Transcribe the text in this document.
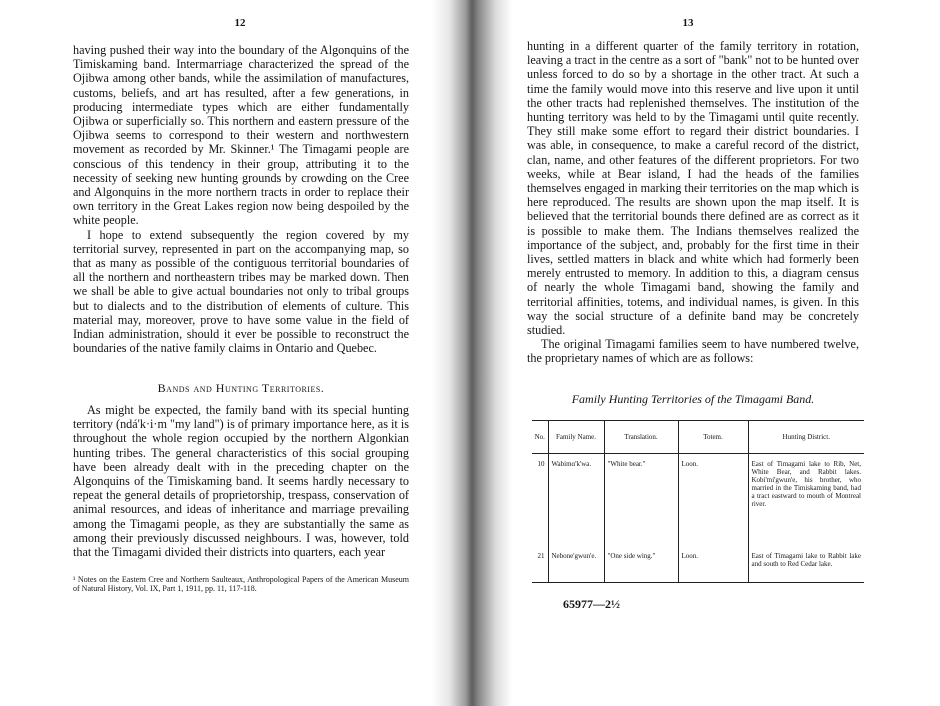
12

having pushed their way into the boundary of the Algonquins of the Timiskaming band. Intermarriage characterized the spread of the Ojibwa among other bands, while the assimilation of manufactures, customs, beliefs, and art has resulted, after a few generations, in producing intermediate types which are either fundamentally Ojibwa or superficially so. This northern and eastern pressure of the Ojibwa seems to correspond to their western and northwestern movement as recorded by Mr. Skinner.¹ The Timagami people are conscious of this tendency in their group, attributing it to the necessity of seeking new hunting grounds by crowding on the Cree and Algonquins in the more northern tracts in order to replace their own territory in the Great Lakes region now being despoiled by the white people.

I hope to extend subsequently the region covered by my territorial survey, represented in part on the accompanying map, so that as many as possible of the contiguous territorial boundaries of all the northern and northeastern tribes may be marked down. Then we shall be able to give actual boundaries not only to tribal groups but to dialects and to the distribution of elements of culture. This material may, moreover, prove to have some value in the field of Indian administration, should it ever be possible to reconstruct the boundaries of the native family claims in Ontario and Quebec.

Bands and Hunting Territories.

As might be expected, the family band with its special hunting territory (ndá'k·i·m "my land") is of primary importance here, as it is throughout the whole region occupied by the northern Algonkian hunting tribes. The general characteristics of this social grouping have been already dealt with in the preceding chapter on the Algonquins of the Timiskaming band. It seems hardly necessary to repeat the general details of proprietorship, trespass, conservation of animal resources, and ideas of inheritance and marriage prevailing among the Timagami people, as they are substantially the same as among their previously discussed neighbours. I was, however, told that the Timagami divided their districts into quarters, each year

¹ Notes on the Eastern Cree and Northern Saulteaux, Anthropological Papers of the American Museum of Natural History, Vol. IX, Part 1, 1911, pp. 11, 117-118.
13

hunting in a different quarter of the family territory in rotation, leaving a tract in the centre as a sort of "bank" not to be hunted over unless forced to do so by a shortage in the other tract. At such a time the family would move into this reserve and live upon it until the other tracts had replenished themselves. The institution of the hunting territory was held to by the Timagami until quite recently. They still make some effort to regard their district boundaries. I was able, in consequence, to make a careful record of the district, clan, name, and other features of the different proprietors. For two weeks, while at Bear island, I had the heads of the families themselves engaged in marking their territories on the map which is here reproduced. The results are shown upon the map itself. It is believed that the territorial bounds there defined are as correct as it is possible to make them. The Indians themselves realized the importance of the subject, and, probably for the first time in their lives, settled matters in black and white which had formerly been merely entrusted to memory. In addition to this, a diagram census of nearly the whole Timagami band, showing the family and territorial affinities, totems, and individual names, is given. In this way the social structure of a definite band may be concretely studied.

The original Timagami families seem to have numbered twelve, the proprietary names of which are as follows:

Family Hunting Territories of the Timagami Band.
No.	Family Name.	Translation.	Totem.	Hunting District.
10	Wabimɑ'k'wa.	"White bear."	Loon.	East of Timagami lake to Rib, Net, White Bear, and Rabbit lakes. Kobi'mi'gwun'e, his brother, who married in the Timiskaming band, had a tract eastward to mouth of Montreal river.

21	Nebone'gwun'e.	"One side wing."	Loon.	East of Timagami lake to Rabbit lake and south to Red Cedar lake.
65977—2½
